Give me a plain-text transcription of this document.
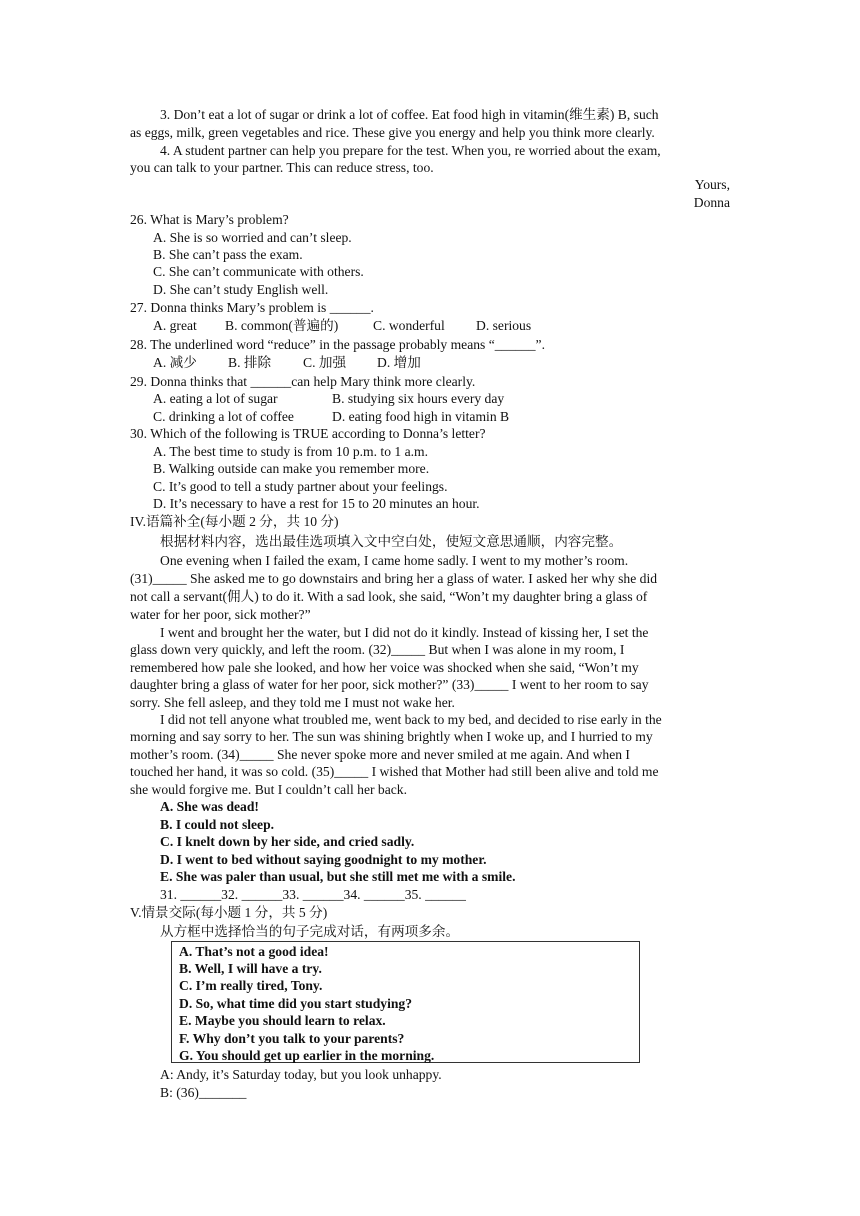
3. Don’t eat a lot of sugar or drink a lot of coffee. Eat food high in vitamin(维生素) B, such
as eggs, milk, green vegetables and rice. These give you energy and help you think more clearly.
4. A student partner can help you prepare for the test. When you, re worried about the exam,
you can talk to your partner. This can reduce stress, too.
Yours,
Donna
26. What is Mary’s problem?
A. She is so worried and can’t sleep.
B. She can’t pass the exam.
C. She can’t communicate with others.
D. She can’t study English well.
27. Donna thinks Mary’s problem is ______.
A. great B. common(普遍的)	C. wonderful D. serious
28. The underlined word “reduce” in the passage probably means “______”.
A. 减少 B. 排除 C. 加强 D. 增加
29. Donna thinks that ______can help Mary think more clearly.
A. eating a lot of sugar	B. studying six hours every day
C. drinking a lot of coffee	D. eating food high in vitamin B
30. Which of the following is TRUE according to Donna’s letter?
A. The best time to study is from 10 p.m. to 1 a.m.
B. Walking outside can make you remember more.
C. It’s good to tell a study partner about your feelings.
D. It’s necessary to have a rest for 15 to 20 minutes an hour.
IV.语篇补全(每小题 2 分，共 10 分)
根据材料内容，选出最佳选项填入文中空白处，使短文意思通顺，内容完整。
One evening when I failed the exam, I came home sadly. I went to my mother’s room.
(31)_____ She asked me to go downstairs and bring her a glass of water. I asked her why she did
not call a servant(佣人) to do it. With a sad look, she said, “Won’t my daughter bring a glass of
water for her poor, sick mother?”
I went and brought her the water, but I did not do it kindly. Instead of kissing her, I set the
glass down very quickly, and left the room. (32)_____ But when I was alone in my room, I
remembered how pale she looked, and how her voice was shocked when she said, “Won’t my
daughter bring a glass of water for her poor, sick mother?” (33)_____ I went to her room to say
sorry. She fell asleep, and they told me I must not wake her.
I did not tell anyone what troubled me, went back to my bed, and decided to rise early in the
morning and say sorry to her. The sun was shining brightly when I woke up, and I hurried to my
mother’s room. (34)_____ She never spoke more and never smiled at me again. And when I
touched her hand, it was so cold. (35)_____ I wished that Mother had still been alive and told me
she would forgive me. But I couldn’t call her back.
A. She was dead!
B. I could not sleep.
C. I knelt down by her side, and cried sadly.
D. I went to bed without saying goodnight to my mother.
E. She was paler than usual, but she still met me with a smile.
31. ______32. ______33. ______34. ______35. ______
V.情景交际(每小题 1 分，共 5 分)
从方框中选择恰当的句子完成对话，有两项多余。
A. That’s not a good idea!
B. Well, I will have a try.
C. I’m really tired, Tony.
D. So, what time did you start studying?
E. Maybe you should learn to relax.
F. Why don’t you talk to your parents?
G. You should get up earlier in the morning.
A: Andy, it’s Saturday today, but you look unhappy.
B: (36)_______
